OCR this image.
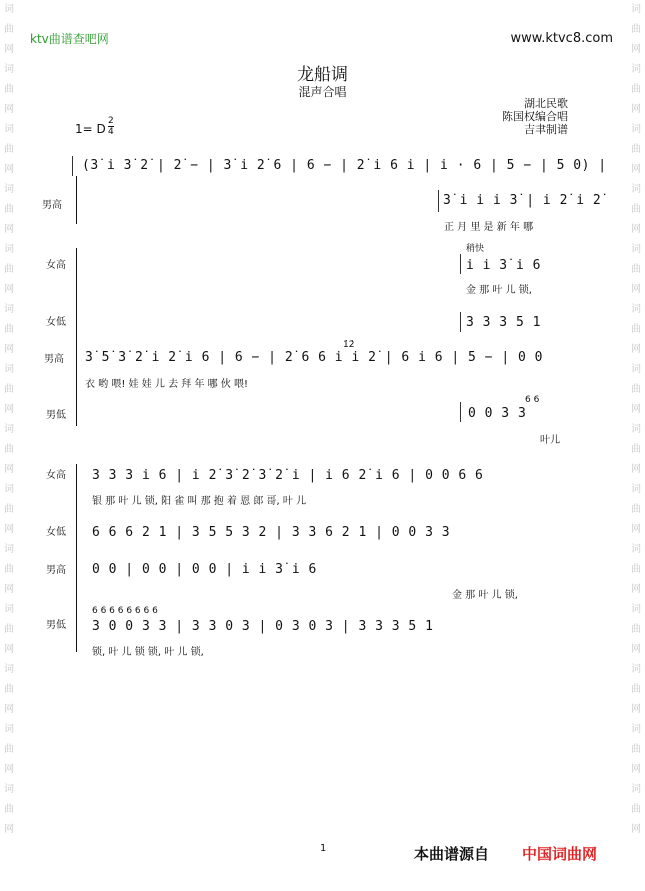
词曲网词曲网词曲网词曲网词曲网词曲网词曲网词曲网词曲网词曲网词曲网词曲网词曲网词曲网
词曲网词曲网词曲网词曲网词曲网词曲网词曲网词曲网词曲网词曲网词曲网词曲网词曲网词曲网
ktv曲谱查吧网	www.ktvc8.com
龙船调
混声合唱
湖北民歌
陈国权编合唱
吉聿制谱
1= D
2
4
(3̇ i 3̇ 2̇ | 2̇ − | 3̇ i 2̇ 6 | 6 − | 2̇ i 6 i | i · 6 | 5 − | 5 0) |
男高	3̇ i i i 3̇ | i 2̇ i 2̇
正 月 里 是 新 年 哪
稍快
女高	i i 3̇ i 6
金 那 叶 儿 锁,
女低	3 3 3 5 1
男高
1̇2̇
3̇ 5̇ 3̇ 2̇ i 2̇ i 6 | 6 − | 2̇ 6 6 i i 2̇ | 6 i 6 | 5 − | 0 0
衣 哟 喂! 娃 娃 儿 去 拜 年 哪 伙 喂!
男低
6 6
0 0 3 3
叶儿
女高 3 3 3 i 6 | i 2̇ 3̇ 2̇ 3̇ 2̇ i | i 6 2̇ i 6 | 0 0 6 6
银 那 叶 儿 锁, 阳 雀 叫 那 抱 着 恩 郎 哥, 叶 儿
女低 6 6 6 2 1 | 3 5 5 3 2 | 3 3 6 2 1 | 0 0 3 3
男高 0 0 | 0 0 | 0 0 | i i 3̇ i 6
金 那 叶 儿 锁,
男低
6 6 6 6 6 6 6 6
3 0 0 3 3 | 3 3 0 3 | 0 3 0 3 | 3 3 3 5 1
锁, 叶 儿 锁 锁, 叶 儿 锁,
1	本曲谱源自 中国词曲网
